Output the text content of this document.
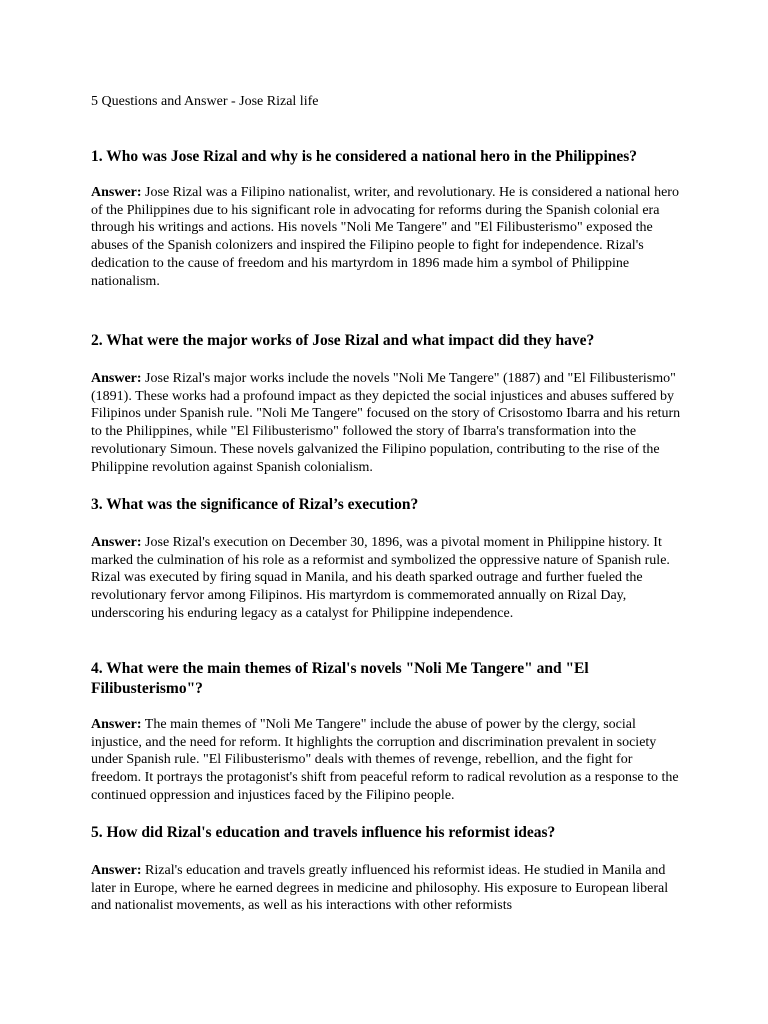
5 Questions and Answer - Jose Rizal life

1. Who was Jose Rizal and why is he considered a national hero in the Philippines?

Answer: Jose Rizal was a Filipino nationalist, writer, and revolutionary. He is considered a national hero of the Philippines due to his significant role in advocating for reforms during the Spanish colonial era through his writings and actions. His novels "Noli Me Tangere" and "El Filibusterismo" exposed the abuses of the Spanish colonizers and inspired the Filipino people to fight for independence. Rizal's dedication to the cause of freedom and his martyrdom in 1896 made him a symbol of Philippine nationalism.

2. What were the major works of Jose Rizal and what impact did they have?

Answer: Jose Rizal's major works include the novels "Noli Me Tangere" (1887) and "El Filibusterismo" (1891). These works had a profound impact as they depicted the social injustices and abuses suffered by Filipinos under Spanish rule. "Noli Me Tangere" focused on the story of Crisostomo Ibarra and his return to the Philippines, while "El Filibusterismo" followed the story of Ibarra's transformation into the revolutionary Simoun. These novels galvanized the Filipino population, contributing to the rise of the Philippine revolution against Spanish colonialism.

3. What was the significance of Rizal’s execution?

Answer: Jose Rizal's execution on December 30, 1896, was a pivotal moment in Philippine history. It marked the culmination of his role as a reformist and symbolized the oppressive nature of Spanish rule. Rizal was executed by firing squad in Manila, and his death sparked outrage and further fueled the revolutionary fervor among Filipinos. His martyrdom is commemorated annually on Rizal Day, underscoring his enduring legacy as a catalyst for Philippine independence.

4. What were the main themes of Rizal's novels "Noli Me Tangere" and "El Filibusterismo"?

Answer: The main themes of "Noli Me Tangere" include the abuse of power by the clergy, social injustice, and the need for reform. It highlights the corruption and discrimination prevalent in society under Spanish rule. "El Filibusterismo" deals with themes of revenge, rebellion, and the fight for freedom. It portrays the protagonist's shift from peaceful reform to radical revolution as a response to the continued oppression and injustices faced by the Filipino people.

5. How did Rizal's education and travels influence his reformist ideas?

Answer: Rizal's education and travels greatly influenced his reformist ideas. He studied in Manila and later in Europe, where he earned degrees in medicine and philosophy. His exposure to European liberal and nationalist movements, as well as his interactions with other reformists
